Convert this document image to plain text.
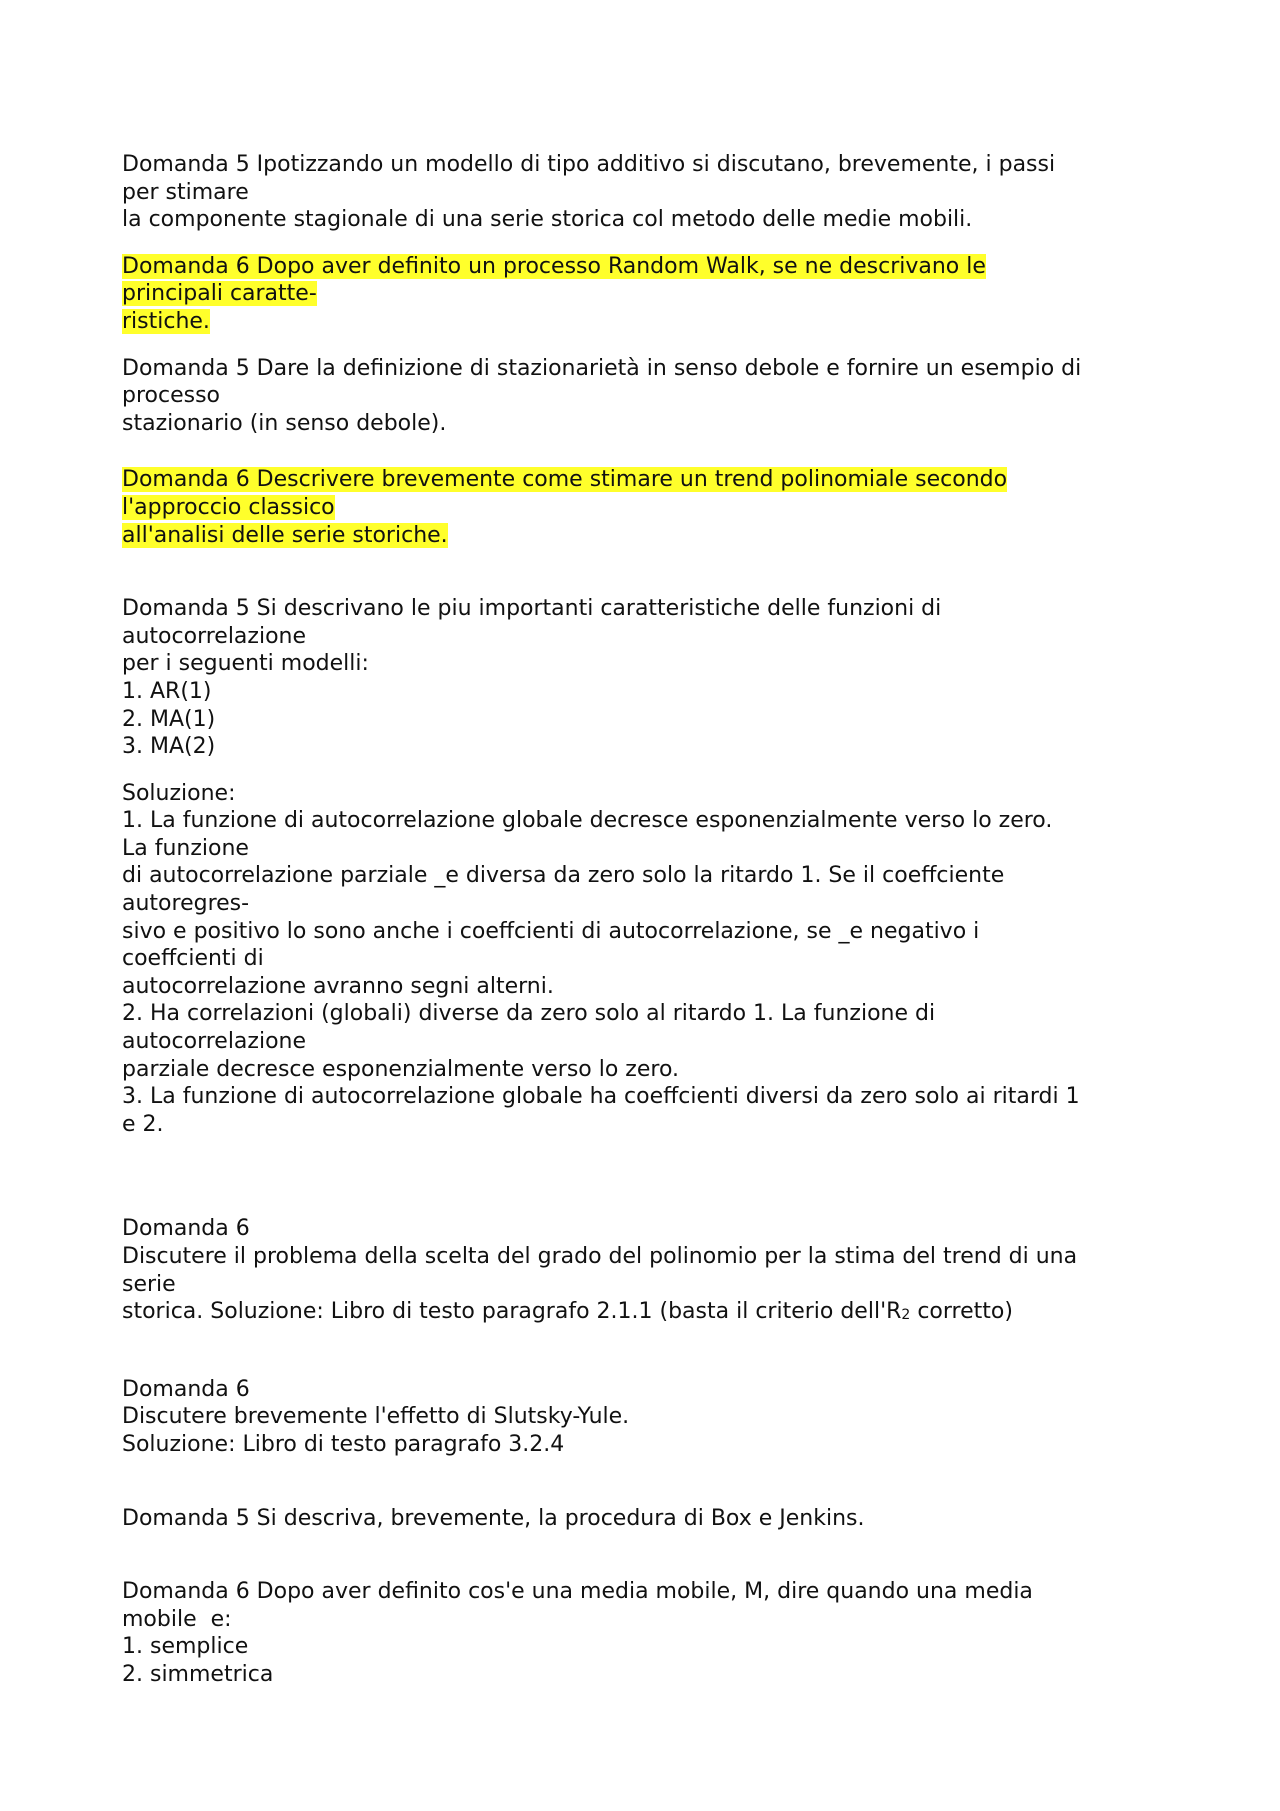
Domanda 5 Ipotizzando un modello di tipo additivo si discutano, brevemente, i passi
per stimare
la componente stagionale di una serie storica col metodo delle medie mobili.
Domanda 6 Dopo aver definito un processo Random Walk, se ne descrivano le
principali caratte-
ristiche.
Domanda 5 Dare la definizione di stazionarietà in senso debole e fornire un esempio di
processo
stazionario (in senso debole).
Domanda 6 Descrivere brevemente come stimare un trend polinomiale secondo
l'approccio classico
all'analisi delle serie storiche.
Domanda 5 Si descrivano le piu importanti caratteristiche delle funzioni di
autocorrelazione
per i seguenti modelli:
1. AR(1)
2. MA(1)
3. MA(2)
Soluzione:
1. La funzione di autocorrelazione globale decresce esponenzialmente verso lo zero.
La funzione
di autocorrelazione parziale _e diversa da zero solo la ritardo 1. Se il coeffciente
autoregres-
sivo e positivo lo sono anche i coeffcienti di autocorrelazione, se _e negativo i
coeffcienti di
autocorrelazione avranno segni alterni.
2. Ha correlazioni (globali) diverse da zero solo al ritardo 1. La funzione di
autocorrelazione
parziale decresce esponenzialmente verso lo zero.
3. La funzione di autocorrelazione globale ha coeffcienti diversi da zero solo ai ritardi 1
e 2.
Domanda 6
Discutere il problema della scelta del grado del polinomio per la stima del trend di una
serie
storica. Soluzione: Libro di testo paragrafo 2.1.1 (basta il criterio $dell'R_2$ corretto)
Domanda 6
Discutere brevemente l'effetto di Slutsky-Yule.
Soluzione: Libro di testo paragrafo 3.2.4
Domanda 5 Si descriva, brevemente, la procedura di Box e Jenkins.
Domanda 6 Dopo aver definito cos'e una media mobile, M, dire quando una media
mobile  e:
1. semplice
2. simmetrica
